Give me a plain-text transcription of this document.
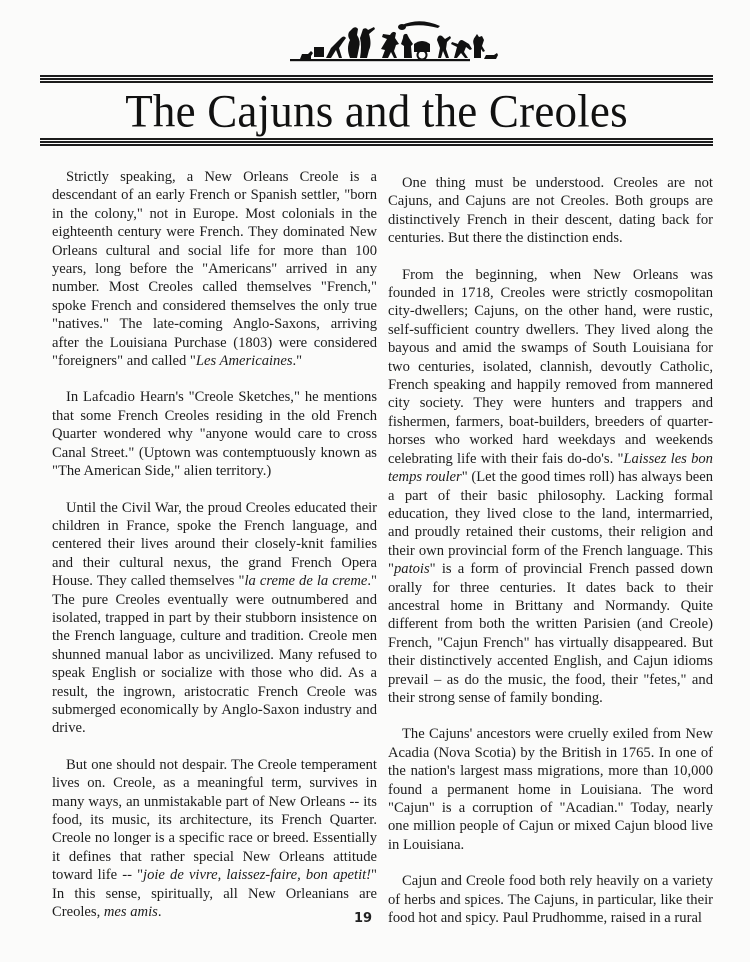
The Cajuns and the Creoles

Strictly speaking, a New Orleans Creole is a descendant of an early French or Spanish settler, "born in the colony," not in Europe. Most colonials in the eighteenth century were French. They dominated New Orleans cultural and social life for more than 100 years, long before the "Americans" arrived in any number. Most Creoles called themselves "French," spoke French and considered themselves the only true "natives." The late-coming Anglo-Saxons, arriving after the Louisiana Purchase (1803) were considered "foreigners" and called "Les Americaines."

In Lafcadio Hearn's "Creole Sketches," he mentions that some French Creoles residing in the old French Quarter wondered why "anyone would care to cross Canal Street." (Uptown was contemptuously known as "The American Side," alien territory.)

Until the Civil War, the proud Creoles educated their children in France, spoke the French language, and centered their lives around their closely-knit families and their cultural nexus, the grand French Opera House. They called themselves "la creme de la creme." The pure Creoles eventually were outnumbered and isolated, trapped in part by their stubborn insistence on the French language, culture and tradition. Creole men shunned manual labor as uncivilized. Many refused to speak English or socialize with those who did. As a result, the ingrown, aristocratic French Creole was submerged economically by Anglo-Saxon industry and drive.

But one should not despair. The Creole temperament lives on. Creole, as a meaningful term, survives in many ways, an unmistakable part of New Orleans -- its food, its music, its architecture, its French Quarter. Creole no longer is a specific race or breed. Essentially it defines that rather special New Orleans attitude toward life -- "joie de vivre, laissez-faire, bon apetit!" In this sense, spiritually, all New Orleanians are Creoles, mes amis.

One thing must be understood. Creoles are not Cajuns, and Cajuns are not Creoles. Both groups are distinctively French in their descent, dating back for centuries. But there the distinction ends.

From the beginning, when New Orleans was founded in 1718, Creoles were strictly cosmopolitan city-dwellers; Cajuns, on the other hand, were rustic, self-sufficient country dwellers. They lived along the bayous and amid the swamps of South Louisiana for two centuries, isolated, clannish, devoutly Catholic, French speaking and happily removed from mannered city society. They were hunters and trappers and fishermen, farmers, boat-builders, breeders of quarter-horses who worked hard weekdays and weekends celebrating life with their fais do-do's. "Laissez les bon temps rouler" (Let the good times roll) has always been a part of their basic philosophy. Lacking formal education, they lived close to the land, intermarried, and proudly retained their customs, their religion and their own provincial form of the French language. This "patois" is a form of provincial French passed down orally for three centuries. It dates back to their ancestral home in Brittany and Normandy. Quite different from both the written Parisien (and Creole) French, "Cajun French" has virtually disappeared. But their distinctively accented English, and Cajun idioms prevail – as do the music, the food, their "fetes," and their strong sense of family bonding.

The Cajuns' ancestors were cruelly exiled from New Acadia (Nova Scotia) by the British in 1765. In one of the nation's largest mass migrations, more than 10,000 found a permanent home in Louisiana. The word "Cajun" is a corruption of "Acadian." Today, nearly one million people of Cajun or mixed Cajun blood live in Louisiana.

Cajun and Creole food both rely heavily on a variety of herbs and spices. The Cajuns, in particular, like their food hot and spicy. Paul Prudhomme, raised in a rural

19
